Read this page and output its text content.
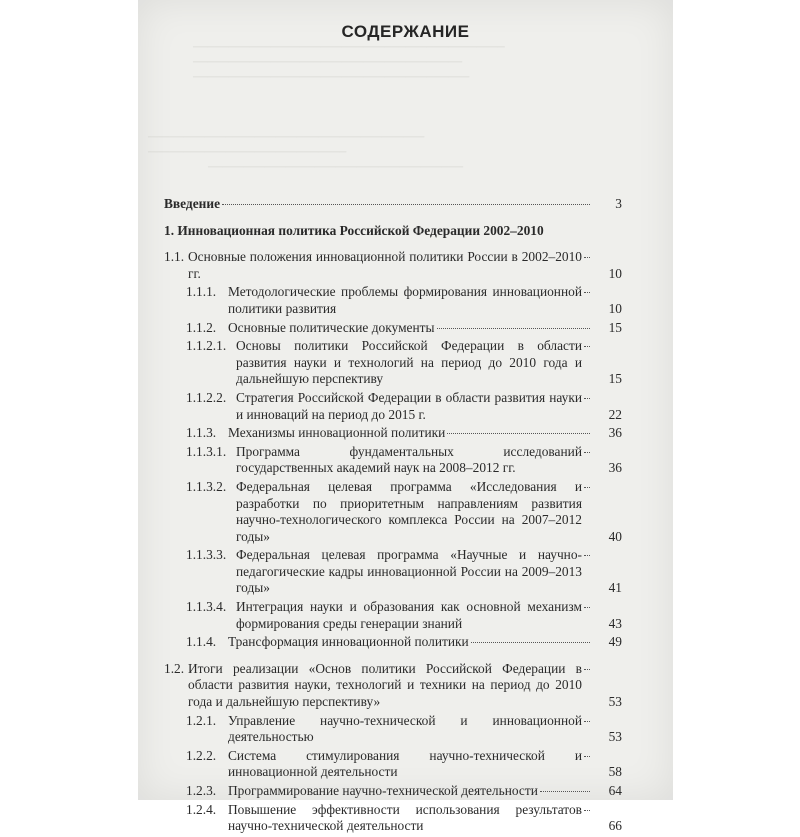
────────────────────────────────────────────
──────────────────────────────────────
───────────────────────────────────────
───────────────────────────────────────
────────────────────────────
────────────────────────────────────
СОДЕРЖАНИЕ
Введение	3
1. Инновационная политика Российской Федерации 2002–2010
1.1. Основные положения инновационной политики России в 2002–2010 гг.	10
1.1.1. Методологические проблемы формирования инновационной политики развития	10
1.1.2. Основные политические документы	15
1.1.2.1. Основы политики Российской Федерации в области развития науки и технологий на период до 2010 года и дальнейшую перспективу	15
1.1.2.2. Стратегия Российской Федерации в области развития науки и инноваций на период до 2015 г.	22
1.1.3. Механизмы инновационной политики	36
1.1.3.1. Программа фундаментальных исследований государственных академий наук на 2008–2012 гг.	36
1.1.3.2. Федеральная целевая программа «Исследования и разработки по приоритетным направлениям развития научно-технологического комплекса России на 2007–2012 годы»	40
1.1.3.3. Федеральная целевая программа «Научные и научно-педагогические кадры инновационной России на 2009–2013 годы»	41
1.1.3.4. Интеграция науки и образования как основной механизм формирования среды генерации знаний	43
1.1.4. Трансформация инновационной политики	49
1.2. Итоги реализации «Основ политики Российской Федерации в области развития науки, технологий и техники на период до 2010 года и дальнейшую перспективу»	53
1.2.1. Управление научно-технической и инновационной деятельностью	53
1.2.2. Система стимулирования научно-технической и инновационной деятельности	58
1.2.3. Программирование научно-технической деятельности	64
1.2.4. Повышение эффективности использования результатов научно-технической деятельности	66
